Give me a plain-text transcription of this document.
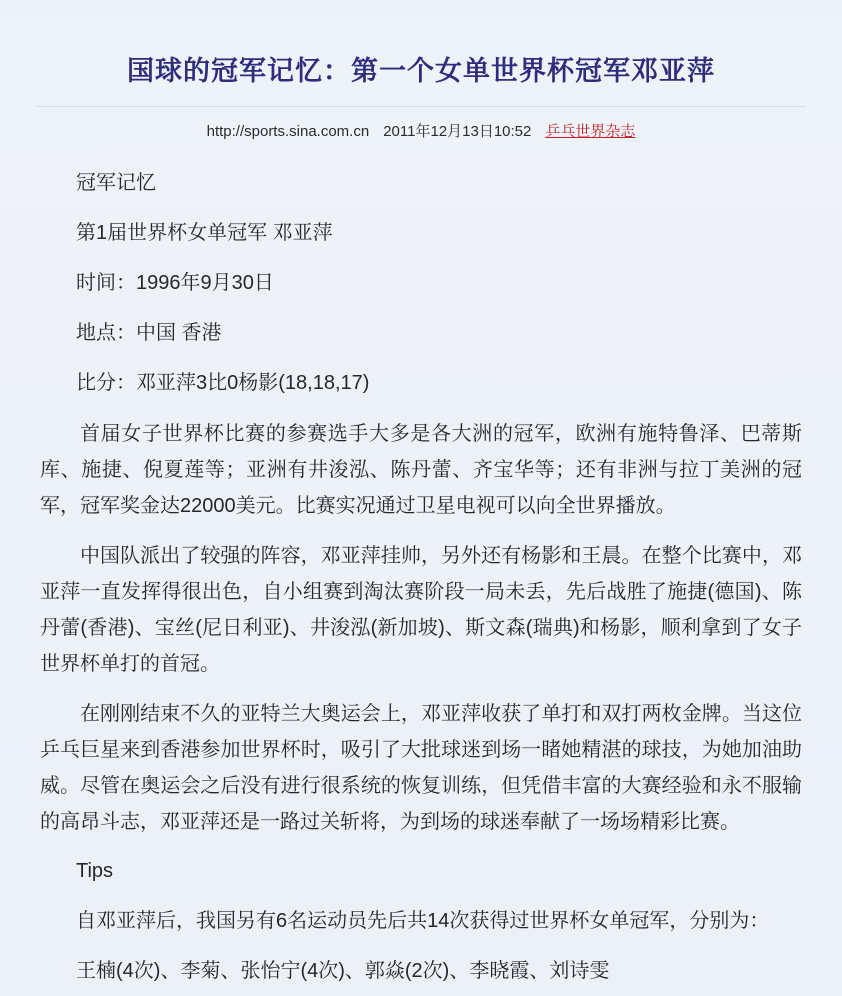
国球的冠军记忆：第一个女单世界杯冠军邓亚萍
http://sports.sina.com.cn 2011年12月13日10:52 乒乓世界杂志

冠军记忆

第1届世界杯女单冠军 邓亚萍

时间：1996年9月30日

地点：中国 香港

比分：邓亚萍3比0杨影(18,18,17)

首届女子世界杯比赛的参赛选手大多是各大洲的冠军，欧洲有施特鲁泽、巴蒂斯库、施捷、倪夏莲等；亚洲有井浚泓、陈丹蕾、齐宝华等；还有非洲与拉丁美洲的冠军，冠军奖金达22000美元。比赛实况通过卫星电视可以向全世界播放。

中国队派出了较强的阵容，邓亚萍挂帅，另外还有杨影和王晨。在整个比赛中，邓亚萍一直发挥得很出色，自小组赛到淘汰赛阶段一局未丢，先后战胜了施捷(德国)、陈丹蕾(香港)、宝丝(尼日利亚)、井浚泓(新加坡)、斯文森(瑞典)和杨影，顺利拿到了女子世界杯单打的首冠。

在刚刚结束不久的亚特兰大奥运会上，邓亚萍收获了单打和双打两枚金牌。当这位乒乓巨星来到香港参加世界杯时，吸引了大批球迷到场一睹她精湛的球技，为她加油助威。尽管在奥运会之后没有进行很系统的恢复训练，但凭借丰富的大赛经验和永不服输的高昂斗志，邓亚萍还是一路过关斩将，为到场的球迷奉献了一场场精彩比赛。

Tips

自邓亚萍后，我国另有6名运动员先后共14次获得过世界杯女单冠军，分别为：

王楠(4次)、李菊、张怡宁(4次)、郭焱(2次)、李晓霞、刘诗雯
